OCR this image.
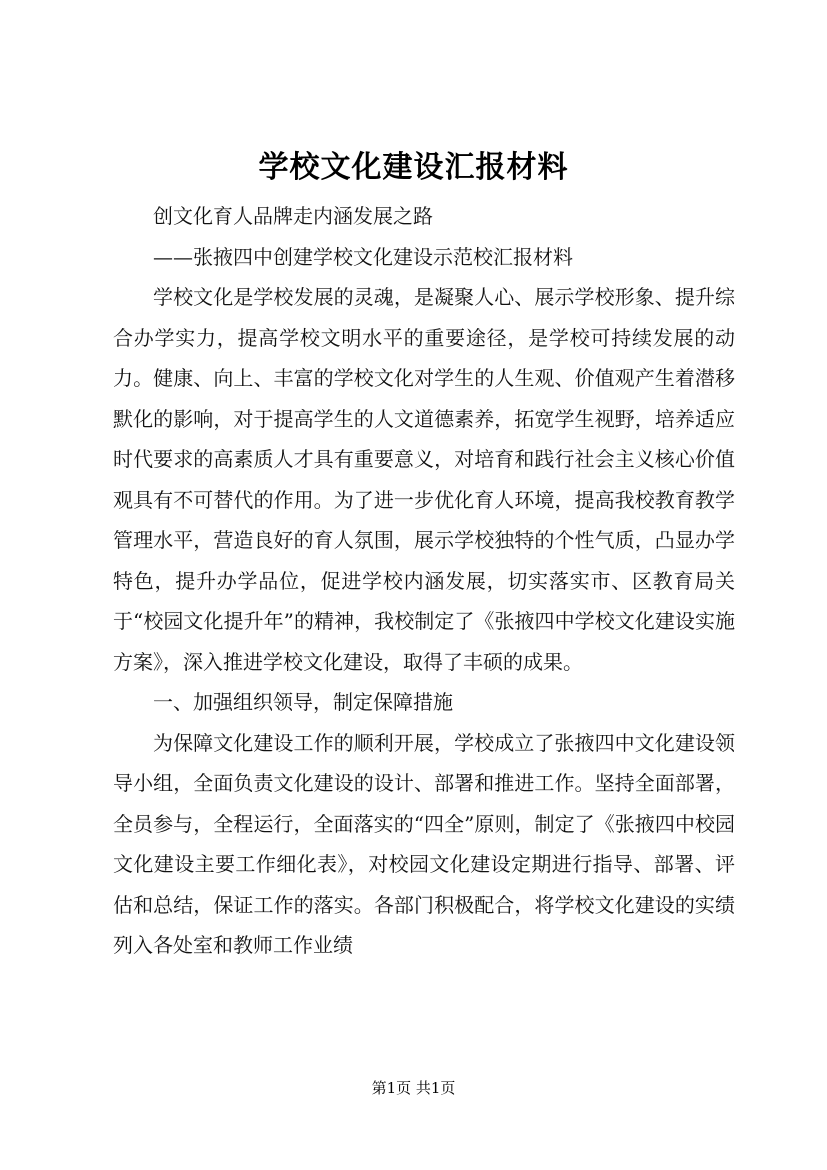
学校文化建设汇报材料

创文化育人品牌走内涵发展之路

——张掖四中创建学校文化建设示范校汇报材料

学校文化是学校发展的灵魂，是凝聚人心、展示学校形象、提升综合办学实力，提高学校文明水平的重要途径，是学校可持续发展的动力。健康、向上、丰富的学校文化对学生的人生观、价值观产生着潜移默化的影响，对于提高学生的人文道德素养，拓宽学生视野，培养适应时代要求的高素质人才具有重要意义，对培育和践行社会主义核心价值观具有不可替代的作用。为了进一步优化育人环境，提高我校教育教学管理水平，营造良好的育人氛围，展示学校独特的个性气质，凸显办学特色，提升办学品位，促进学校内涵发展，切实落实市、区教育局关于“校园文化提升年”的精神，我校制定了《张掖四中学校文化建设实施方案》，深入推进学校文化建设，取得了丰硕的成果。

一、加强组织领导，制定保障措施

为保障文化建设工作的顺利开展，学校成立了张掖四中文化建设领导小组，全面负责文化建设的设计、部署和推进工作。坚持全面部署，全员参与，全程运行，全面落实的“四全”原则，制定了《张掖四中校园文化建设主要工作细化表》，对校园文化建设定期进行指导、部署、评估和总结，保证工作的落实。各部门积极配合，将学校文化建设的实绩列入各处室和教师工作业绩

第1页 共1页
